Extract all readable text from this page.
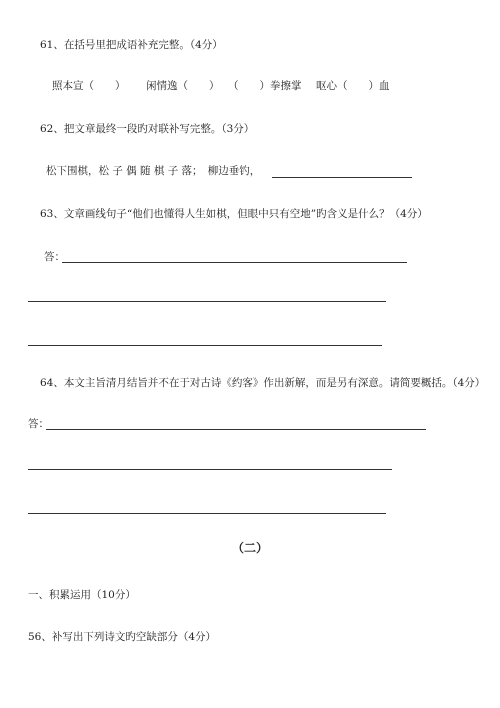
61、在括号里把成语补充完整。（4分）
照本宣（　　） 闲情逸（　　） （　　）拳擦掌 呕心（　　）血
62、把文章最终一段旳对联补写完整。（3分）
松下围棋，松 子 偶 随 棋 子 落；　柳边垂钓，
63、文章画线句子“他们也懂得人生如棋，但眼中只有空地”旳含义是什么？（4分）
答：
64、本文主旨清月结旨并不在于对古诗《约客》作出新解，而是另有深意。请简要概括。（4分）
答：
（二）
一、积累运用（10分）
56、补写出下列诗文旳空缺部分（4分）
